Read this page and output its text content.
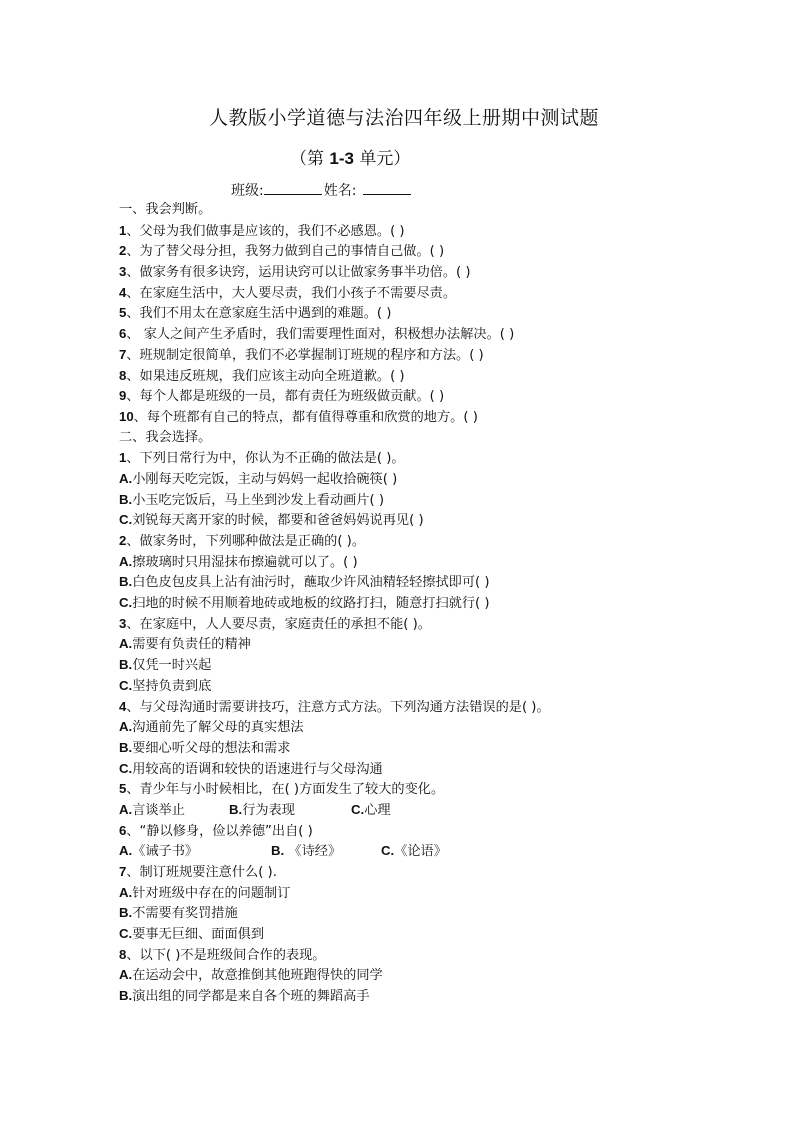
人教版小学道德与法治四年级上册期中测试题
（第 1-3 单元）
班级:	姓名:
一、我会判断。
1、父母为我们做事是应该的，我们不必感恩。( )
2、为了替父母分担，我努力做到自己的事情自己做。( )
3、做家务有很多诀窍，运用诀窍可以让做家务事半功倍。( )
4、在家庭生活中，大人要尽责，我们小孩子不需要尽责。
5、我们不用太在意家庭生活中遇到的难题。( )
6、 家人之间产生矛盾时，我们需要理性面对，积极想办法解决。( )
7、班规制定很简单，我们不必掌握制订班规的程序和方法。( )
8、如果违反班规，我们应该主动向全班道歉。( )
9、每个人都是班级的一员，都有责任为班级做贡献。( )
10、每个班都有自己的特点，都有值得尊重和欣赏的地方。( )
二、我会选择。
1、下列日常行为中，你认为不正确的做法是( )。
A.小刚每天吃完饭，主动与妈妈一起收拾碗筷( )
B.小玉吃完饭后，马上坐到沙发上看动画片( )
C.刘锐每天离开家的时候，都要和爸爸妈妈说再见( )
2、做家务时，下列哪种做法是正确的( )。
A.擦玻璃时只用湿抹布擦遍就可以了。( )
B.白色皮包皮具上沾有油污时，蘸取少许风油精轻轻擦拭即可( )
C.扫地的时候不用顺着地砖或地板的纹路打扫，随意打扫就行( )
3、在家庭中，人人要尽责，家庭责任的承担不能( )。
A.需要有负责任的精神
B.仅凭一时兴起
C.坚持负责到底
4、与父母沟通时需要讲技巧，注意方式方法。下列沟通方法错误的是( )。
A.沟通前先了解父母的真实想法
B.要细心听父母的想法和需求
C.用较高的语调和较快的语速进行与父母沟通
5、青少年与小时候相比，在( )方面发生了较大的变化。
A.言谈举止	B.行为表现	C.心理
6、“静以修身，俭以养德”出自( )
A.《诫子书》	B. 《诗经》	C.《论语》
7、制订班规要注意什么( ).
A.针对班级中存在的问题制订
B.不需要有奖罚措施
C.要事无巨细、面面俱到
8、以下( )不是班级间合作的表现。
A.在运动会中，故意推倒其他班跑得快的同学
B.演出组的同学都是来自各个班的舞蹈高手
